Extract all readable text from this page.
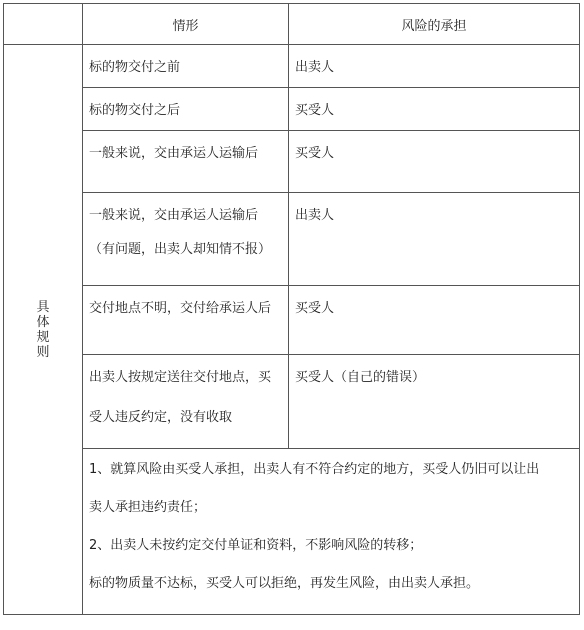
	情形	风险的承担
具体规则	标的物交付之前	出卖人

	标的物交付之后	买受人

	一般来说，交由承运人运输后	买受人

	一般来说，交由承运人运输后
（有问题，出卖人却知情不报）	出卖人

	交付地点不明，交付给承运人后	买受人

	出卖人按规定送往交付地点，买
受人违反约定，没有收取	买受人（自己的错误）

	1、就算风险由买受人承担，出卖人有不符合约定的地方，买受人仍旧可以让出
卖人承担违约责任；
2、出卖人未按约定交付单证和资料，不影响风险的转移；
标的物质量不达标，买受人可以拒绝，再发生风险，由出卖人承担。	
